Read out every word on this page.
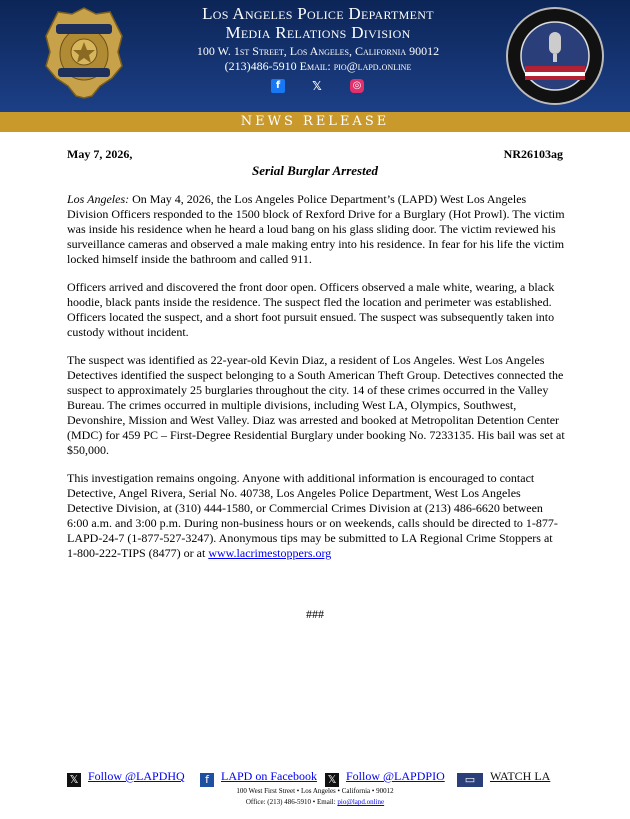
Los Angeles Police Department
Media Relations Division
100 W. 1st Street, Los Angeles, California 90012
(213)486-5910 Email: pio@lapd.online
f	𝕏	◎
NEWS RELEASE
May 7, 2026,	NR26103ag
Serial Burglar Arrested

Los Angeles: On May 4, 2026, the Los Angeles Police Department’s (LAPD) West Los Angeles Division Officers responded to the 1500 block of Rexford Drive for a Burglary (Hot Prowl). The victim was inside his residence when he heard a loud bang on his glass sliding door. The victim reviewed his surveillance cameras and observed a male making entry into his residence. In fear for his life the victim locked himself inside the bathroom and called 911.

Officers arrived and discovered the front door open. Officers observed a male white, wearing, a black hoodie, black pants inside the residence. The suspect fled the location and perimeter was established. Officers located the suspect, and a short foot pursuit ensued. The suspect was subsequently taken into custody without incident.

The suspect was identified as 22-year-old Kevin Diaz, a resident of Los Angeles. West Los Angeles Detectives identified the suspect belonging to a South American Theft Group. Detectives connected the suspect to approximately 25 burglaries throughout the city. 14 of these crimes occurred in the Valley Bureau. The crimes occurred in multiple divisions, including West LA, Olympics, Southwest, Devonshire, Mission and West Valley. Diaz was arrested and booked at Metropolitan Detention Center (MDC) for 459 PC – First-Degree Residential Burglary under booking No. 7233135. His bail was set at $50,000.

This investigation remains ongoing. Anyone with additional information is encouraged to contact Detective, Angel Rivera, Serial No. 40738, Los Angeles Police Department, West Los Angeles Detective Division, at (310) 444-1580, or Commercial Crimes Division at (213) 486-6620 between 6:00 a.m. and 3:00 p.m. During non-business hours or on weekends, calls should be directed to 1-877-LAPD-24-7 (1-877-527-3247). Anonymous tips may be submitted to LA Regional Crime Stoppers at 1-800-222-TIPS (8477) or at www.lacrimestoppers.org

###
𝕏 Follow @LAPDHQ	f LAPD on Facebook 𝕏 Follow @LAPDPIO	▭ WATCH LA
100 West First Street • Los Angeles • California • 90012
Office: (213) 486-5910 • Email: pio@lapd.online
